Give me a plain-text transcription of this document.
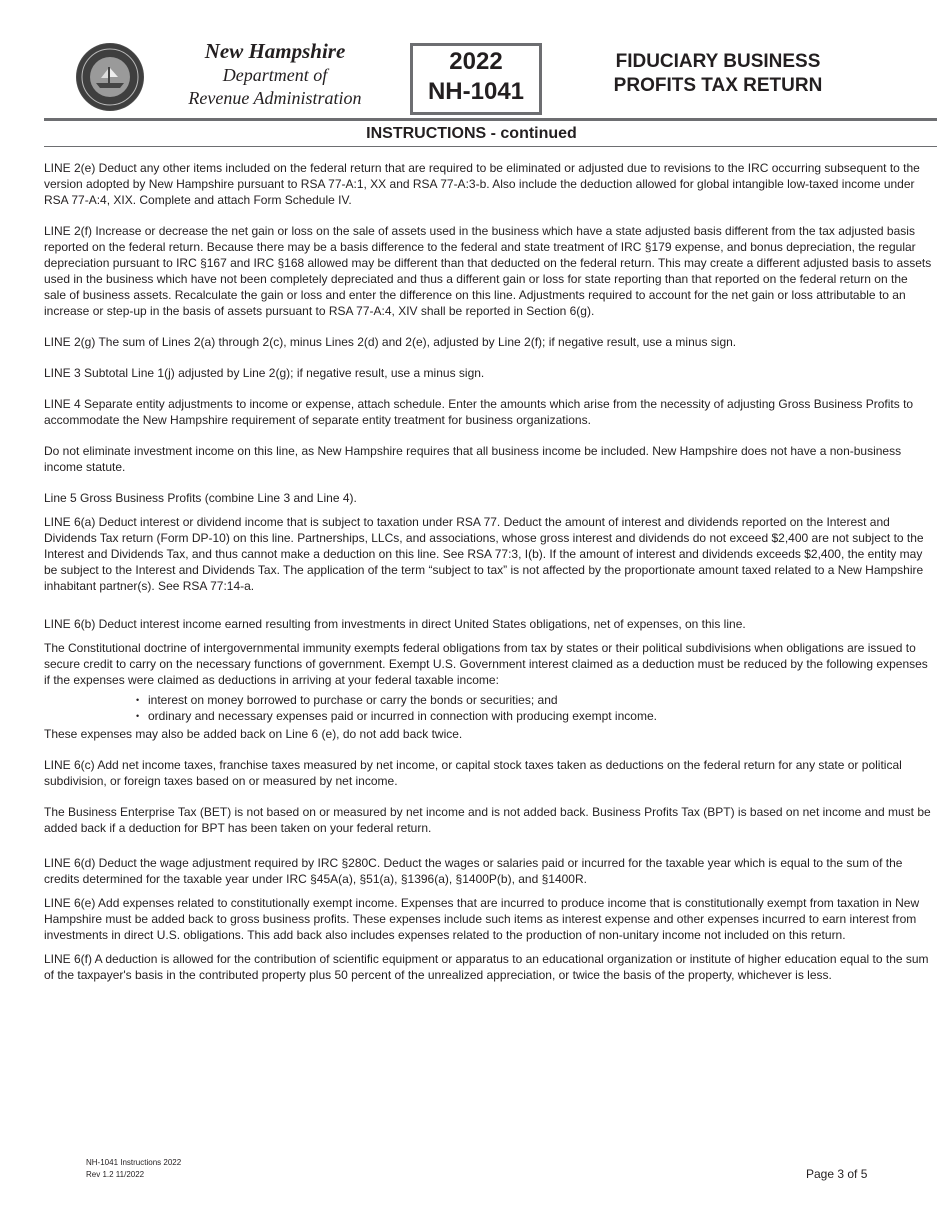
New Hampshire
Department of
Revenue Administration
2022
NH-1041
FIDUCIARY BUSINESS
PROFITS TAX RETURN
INSTRUCTIONS - continued

LINE 2(e) Deduct any other items included on the federal return that are required to be eliminated or adjusted due to revisions to the IRC occurring subsequent to the version adopted by New Hampshire pursuant to RSA 77-A:1, XX and RSA 77-A:3-b. Also include the deduction allowed for global intangible low-taxed income under RSA 77-A:4, XIX. Complete and attach Form Schedule IV.

LINE 2(f) Increase or decrease the net gain or loss on the sale of assets used in the business which have a state adjusted basis different from the tax adjusted basis reported on the federal return. Because there may be a basis difference to the federal and state treatment of IRC §179 expense, and bonus depreciation, the regular depreciation pursuant to IRC §167 and IRC §168 allowed may be different than that deducted on the federal return. This may create a different adjusted basis to assets used in the business which have not been completely depreciated and thus a different gain or loss for state reporting than that reported on the federal return on the sale of business assets. Recalculate the gain or loss and enter the difference on this line. Adjustments required to account for the net gain or loss attributable to an increase or step-up in the basis of assets pursuant to RSA 77-A:4, XIV shall be reported in Section 6(g).

LINE 2(g) The sum of Lines 2(a) through 2(c), minus Lines 2(d) and 2(e), adjusted by Line 2(f); if negative result, use a minus sign.

LINE 3 Subtotal Line 1(j) adjusted by Line 2(g); if negative result, use a minus sign.

LINE 4 Separate entity adjustments to income or expense, attach schedule. Enter the amounts which arise from the necessity of adjusting Gross Business Profits to accommodate the New Hampshire requirement of separate entity treatment for business organizations.

Do not eliminate investment income on this line, as New Hampshire requires that all business income be included. New Hampshire does not have a non-business income statute.

Line 5 Gross Business Profits (combine Line 3 and Line 4).

LINE 6(a) Deduct interest or dividend income that is subject to taxation under RSA 77. Deduct the amount of interest and dividends reported on the Interest and Dividends Tax return (Form DP-10) on this line. Partnerships, LLCs, and associations, whose gross interest and dividends do not exceed $2,400 are not subject to the Interest and Dividends Tax, and thus cannot make a deduction on this line. See RSA 77:3, I(b). If the amount of interest and dividends exceeds $2,400, the entity may be subject to the Interest and Dividends Tax. The application of the term “subject to tax” is not affected by the proportionate amount taxed related to a New Hampshire inhabitant partner(s). See RSA 77:14-a.

LINE 6(b) Deduct interest income earned resulting from investments in direct United States obligations, net of expenses, on this line.

The Constitutional doctrine of intergovernmental immunity exempts federal obligations from tax by states or their political subdivisions when obligations are issued to secure credit to carry on the necessary functions of government. Exempt U.S. Government interest claimed as a deduction must be reduced by the following expenses if the expenses were claimed as deductions in arriving at your federal taxable income:

• interest on money borrowed to purchase or carry the bonds or securities; and
• ordinary and necessary expenses paid or incurred in connection with producing exempt income.

These expenses may also be added back on Line 6 (e), do not add back twice.

LINE 6(c) Add net income taxes, franchise taxes measured by net income, or capital stock taxes taken as deductions on the federal return for any state or political subdivision, or foreign taxes based on or measured by net income.

The Business Enterprise Tax (BET) is not based on or measured by net income and is not added back. Business Profits Tax (BPT) is based on net income and must be added back if a deduction for BPT has been taken on your federal return.

LINE 6(d) Deduct the wage adjustment required by IRC §280C. Deduct the wages or salaries paid or incurred for the taxable year which is equal to the sum of the credits determined for the taxable year under IRC §45A(a), §51(a), §1396(a), §1400P(b), and §1400R.

LINE 6(e) Add expenses related to constitutionally exempt income. Expenses that are incurred to produce income that is constitutionally exempt from taxation in New Hampshire must be added back to gross business profits. These expenses include such items as interest expense and other expenses incurred to earn interest from investments in direct U.S. obligations. This add back also includes expenses related to the production of non-unitary income not included on this return.

LINE 6(f) A deduction is allowed for the contribution of scientific equipment or apparatus to an educational organization or institute of higher education equal to the sum of the taxpayer's basis in the contributed property plus 50 percent of the unrealized appreciation, or twice the basis of the property, whichever is less.

NH-1041 Instructions 2022
Rev 1.2 11/2022	Page 3 of 5
